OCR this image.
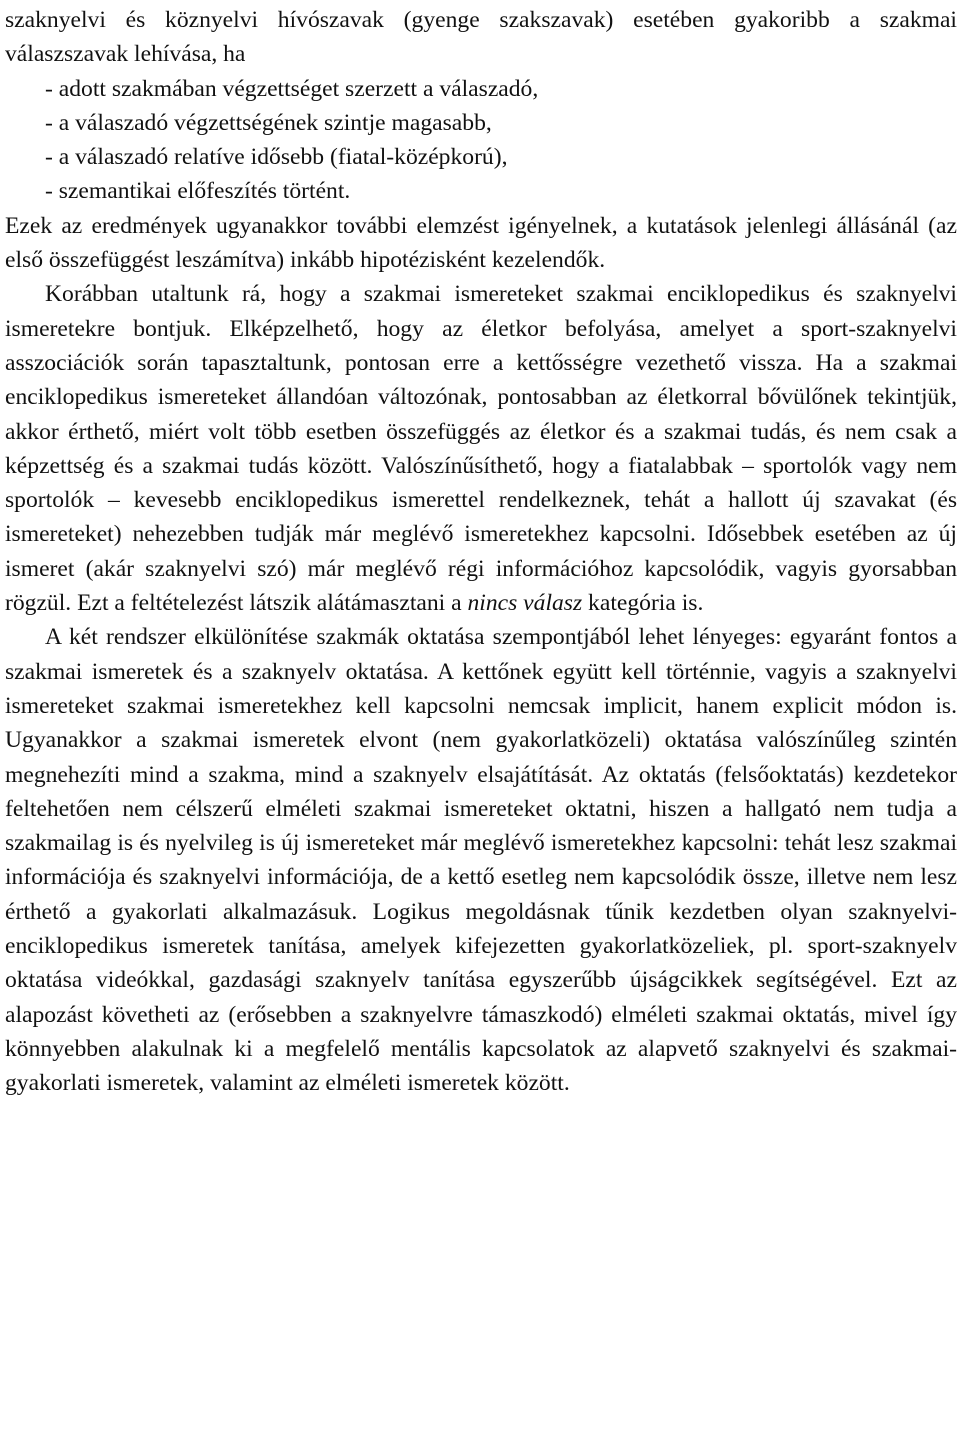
szaknyelvi és köznyelvi hívószavak (gyenge szakszavak) esetében gyakoribb a szakmai válaszszavak lehívása, ha

- adott szakmában végzettséget szerzett a válaszadó,
- a válaszadó végzettségének szintje magasabb,
- a válaszadó relatíve idősebb (fiatal-középkorú),
- szemantikai előfeszítés történt.

Ezek az eredmények ugyanakkor további elemzést igényelnek, a kutatások jelenlegi állásánál (az első összefüggést leszámítva) inkább hipotézisként kezelendők.

Korábban utaltunk rá, hogy a szakmai ismereteket szakmai enciklopedikus és szaknyelvi ismeretekre bontjuk. Elképzelhető, hogy az életkor befolyása, amelyet a sport-szaknyelvi asszociációk során tapasztaltunk, pontosan erre a kettősségre vezethető vissza. Ha a szakmai enciklopedikus ismereteket állandóan változónak, pontosabban az életkorral bővülőnek tekintjük, akkor érthető, miért volt több esetben összefüggés az életkor és a szakmai tudás, és nem csak a képzettség és a szakmai tudás között. Valószínűsíthető, hogy a fiatalabbak – sportolók vagy nem sportolók – kevesebb enciklopedikus ismerettel rendelkeznek, tehát a hallott új szavakat (és ismereteket) nehezebben tudják már meglévő ismeretekhez kapcsolni. Idősebbek esetében az új ismeret (akár szaknyelvi szó) már meglévő régi információhoz kapcsolódik, vagyis gyorsabban rögzül. Ezt a feltételezést látszik alátámasztani a nincs válasz kategória is.

A két rendszer elkülönítése szakmák oktatása szempontjából lehet lényeges: egyaránt fontos a szakmai ismeretek és a szaknyelv oktatása. A kettőnek együtt kell történnie, vagyis a szaknyelvi ismereteket szakmai ismeretekhez kell kapcsolni nemcsak implicit, hanem explicit módon is. Ugyanakkor a szakmai ismeretek elvont (nem gyakorlatközeli) oktatása valószínűleg szintén megnehezíti mind a szakma, mind a szaknyelv elsajátítását. Az oktatás (felsőoktatás) kezdetekor feltehetően nem célszerű elméleti szakmai ismereteket oktatni, hiszen a hallgató nem tudja a szakmailag is és nyelvileg is új ismereteket már meglévő ismeretekhez kapcsolni: tehát lesz szakmai információja és szaknyelvi információja, de a kettő esetleg nem kapcsolódik össze, illetve nem lesz érthető a gyakorlati alkalmazásuk. Logikus megoldásnak tűnik kezdetben olyan szaknyelvi-enciklopedikus ismeretek tanítása, amelyek kifejezetten gyakorlatközeliek, pl. sport-szaknyelv oktatása videókkal, gazdasági szaknyelv tanítása egyszerűbb újságcikkek segítségével. Ezt az alapozást követheti az (erősebben a szaknyelvre támaszkodó) elméleti szakmai oktatás, mivel így könnyebben alakulnak ki a megfelelő mentális kapcsolatok az alapvető szaknyelvi és szakmai-gyakorlati ismeretek, valamint az elméleti ismeretek között.
